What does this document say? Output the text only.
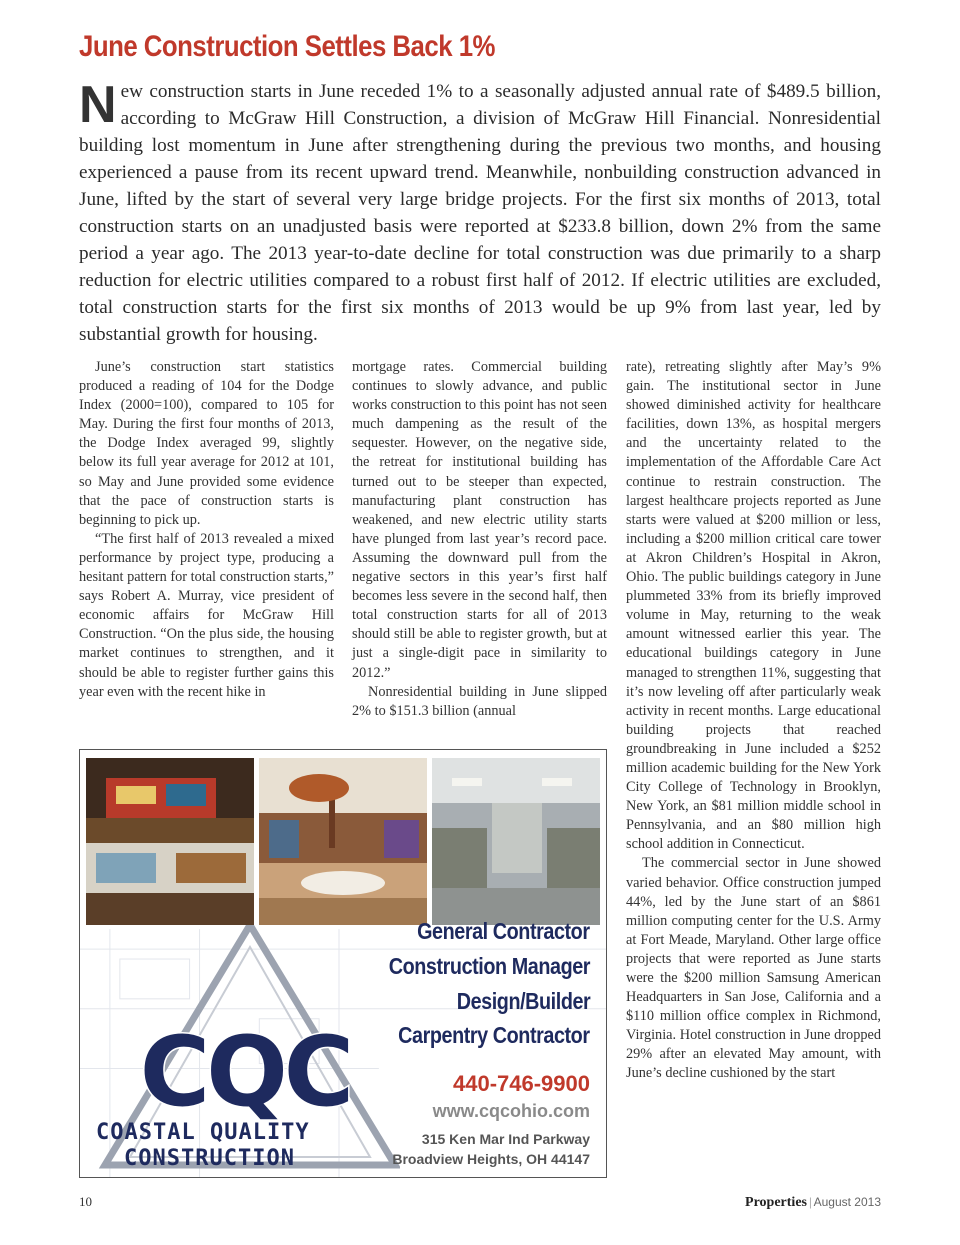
June Construction Settles Back 1%

New construction starts in June receded 1% to a seasonally adjusted annual rate of $489.5 billion, according to McGraw Hill Construction, a division of McGraw Hill Financial. Nonresidential building lost momentum in June after strengthening during the previous two months, and housing experienced a pause from its recent upward trend. Meanwhile, nonbuilding construction advanced in June, lifted by the start of several very large bridge projects. For the first six months of 2013, total construction starts on an unadjusted basis were reported at $233.8 billion, down 2% from the same period a year ago. The 2013 year-to-date decline for total construction was due primarily to a sharp reduction for electric utilities compared to a robust first half of 2012. If electric utilities are excluded, total construction starts for the first six months of 2013 would be up 9% from last year, led by substantial growth for housing.

June’s construction start statistics produced a reading of 104 for the Dodge Index (2000=100), compared to 105 for May. During the first four months of 2013, the Dodge Index averaged 99, slightly below its full year average for 2012 at 101, so May and June provided some evidence that the pace of construction starts is beginning to pick up.

“The first half of 2013 revealed a mixed performance by project type, producing a hesitant pattern for total construction starts,” says Robert A. Murray, vice president of economic affairs for McGraw Hill Construction. “On the plus side, the housing market continues to strengthen, and it should be able to register further gains this year even with the recent hike in

mortgage rates. Commercial building continues to slowly advance, and public works construction to this point has not seen much dampening as the result of the sequester. However, on the negative side, the retreat for institutional building has turned out to be steeper than expected, manufacturing plant construction has weakened, and new electric utility starts have plunged from last year’s record pace. Assuming the downward pull from the negative sectors in this year’s first half becomes less severe in the second half, then total construction starts for all of 2013 should still be able to register growth, but at just a single-digit pace in similarity to 2012.”

Nonresidential building in June slipped 2% to $151.3 billion (annual

rate), retreating slightly after May’s 9% gain. The institutional sector in June showed diminished activity for healthcare facilities, down 13%, as hospital mergers and the uncertainty related to the implementation of the Affordable Care Act continue to restrain construction. The largest healthcare projects reported as June starts were valued at $200 million or less, including a $200 million critical care tower at Akron Children’s Hospital in Akron, Ohio. The public buildings category in June plummeted 33% from its briefly improved volume in May, returning to the weak amount witnessed earlier this year. The educational buildings category in June managed to strengthen 11%, suggesting that it’s now leveling off after particularly weak activity in recent months. Large educational building projects that reached groundbreaking in June included a $252 million academic building for the New York City College of Technology in Brooklyn, New York, an $81 million middle school in Pennsylvania, and an $80 million high school addition in Connecticut.

The commercial sector in June showed varied behavior. Office construction jumped 44%, led by the June start of an $861 million computing center for the U.S. Army at Fort Meade, Maryland. Other large office projects that were reported as June starts were the $200 million Samsung American Headquarters in San Jose, California and a $110 million office complex in Richmond, Virginia. Hotel construction in June dropped 29% after an elevated May amount, with June’s decline cushioned by the start

CQC
COASTAL QUALITY
CONSTRUCTION
General Contractor
Construction Manager
Design/Builder
Carpentry Contractor
440-746-9900
www.cqcohio.com
315 Ken Mar Ind Parkway
Broadview Heights, OH 44147
10	Properties | August 2013
